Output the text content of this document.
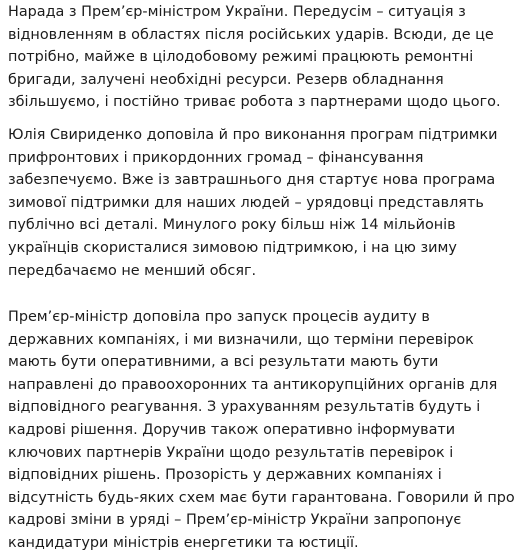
Нарада з Прем’єр-міністром України. Передусім – ситуація з
відновленням в областях після російських ударів. Всюди, де це
потрібно, майже в цілодобовому режимі працюють ремонтні
бригади, залучені необхідні ресурси. Резерв обладнання
збільшуємо, і постійно триває робота з партнерами щодо цього.

Юлія Свириденко доповіла й про виконання програм підтримки
прифронтових і прикордонних громад – фінансування
забезпечуємо. Вже із завтрашнього дня стартує нова програма
зимової підтримки для наших людей – урядовці представлять
публічно всі деталі. Минулого року більш ніж 14 мільйонів
українців скористалися зимовою підтримкою, і на цю зиму
передбачаємо не менший обсяг.

Прем’єр-міністр доповіла про запуск процесів аудиту в
державних компаніях, і ми визначили, що терміни перевірок
мають бути оперативними, а всі результати мають бути
направлені до правоохоронних та антикорупційних органів для
відповідного реагування. З урахуванням результатів будуть і
кадрові рішення. Доручив також оперативно інформувати
ключових партнерів України щодо результатів перевірок і
відповідних рішень. Прозорість у державних компаніях і
відсутність будь-яких схем має бути гарантована. Говорили й про
кадрові зміни в уряді – Прем’єр-міністр України запропонує
кандидатури міністрів енергетики та юстиції.
